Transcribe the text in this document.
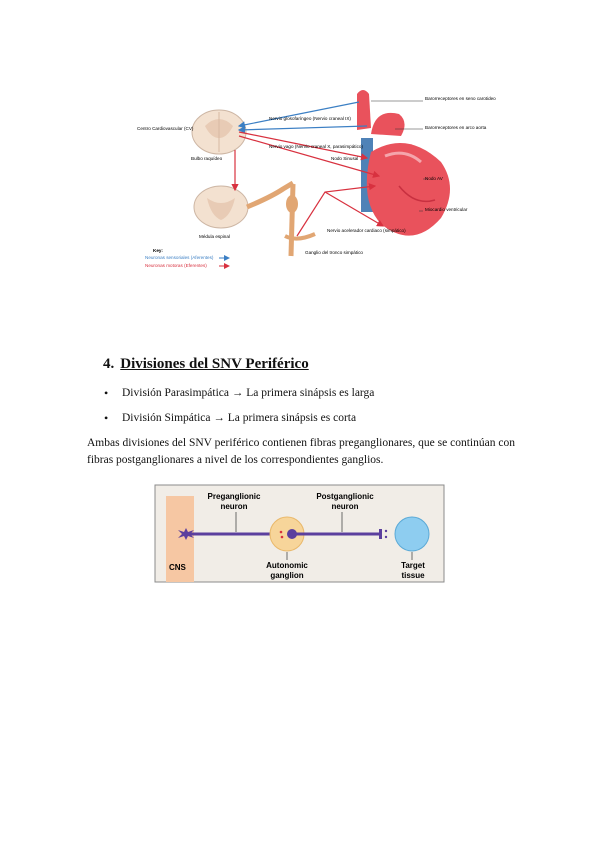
Barorreceptores en seno carotideo
Barorreceptores en arco aorta
Centro Cardiovascular (CV)
Bulbo raquídeo
Nervio glosofaríngeo (Nervio craneal IX)
Nervio vago (Nervio craneal X, parasimpático)
Nodo Sinusal
Nodo AV
Miocardio ventricular
Médula espinal
Nervio acelerador cardiaco (simpático)
Ganglio del tronco simpático
Key:
Neuronas sensoriales (Aferentes)
Neuronas motoras (Eferentes)
4. Divisiones del SNV Periférico
• División Parasimpática → La primera sinápsis es larga
• División Simpática → La primera sinápsis es corta

Ambas divisiones del SNV periférico contienen fibras preganglionares, que se continúan con fibras postganglionares a nivel de los correspondientes ganglios.

Preganglionic
neuron
Postganglionic
neuron
CNS	Autonomic
ganglion
Target
tissue
